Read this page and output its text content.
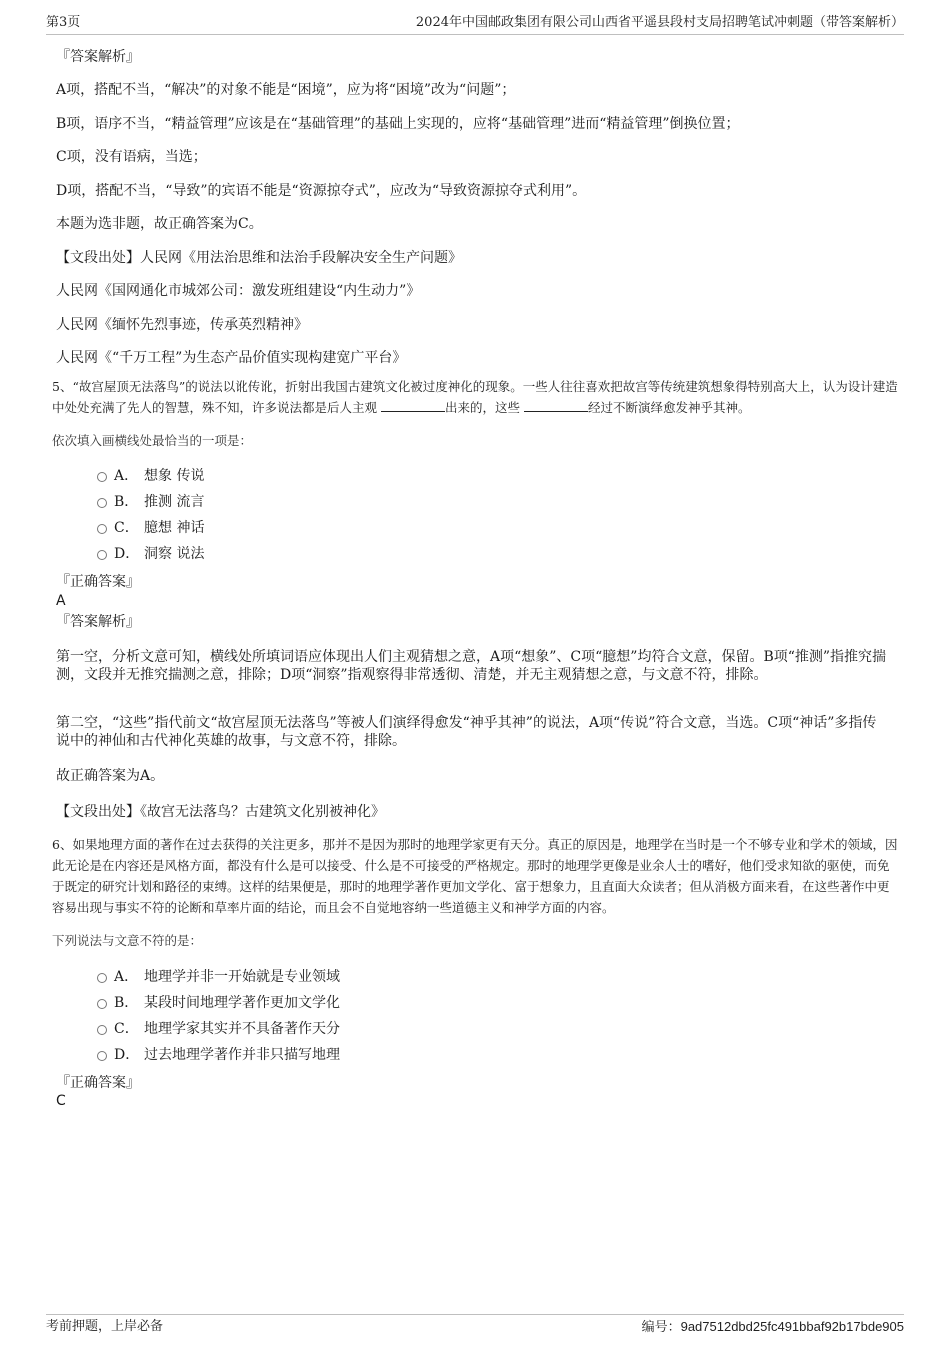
第3页	2024年中国邮政集团有限公司山西省平遥县段村支局招聘笔试冲刺题（带答案解析）

『答案解析』

A项，搭配不当，“解决”的对象不能是“困境”，应为将“困境”改为“问题”；

B项，语序不当，“精益管理”应该是在“基础管理”的基础上实现的，应将“基础管理”进而“精益管理”倒换位置；

C项，没有语病，当选；

D项，搭配不当，“导致”的宾语不能是“资源掠夺式”，应改为“导致资源掠夺式利用”。

本题为选非题，故正确答案为C。

【文段出处】人民网《用法治思维和法治手段解决安全生产问题》

人民网《国网通化市城郊公司：激发班组建设“内生动力”》

人民网《缅怀先烈事迹，传承英烈精神》

人民网《“千万工程”为生态产品价值实现构建宽广平台》

5、“故宫屋顶无法落鸟”的说法以讹传讹，折射出我国古建筑文化被过度神化的现象。一些人往往喜欢把故宫等传统建筑想象得特别高大上，认为设计建造中处处充满了先人的智慧，殊不知，许多说法都是后人主观	出来的，这些	经过不断演绎愈发神乎其神。

依次填入画横线处最恰当的一项是：

A． 想象 传说
B． 推测 流言
C． 臆想 神话
D． 洞察 说法

『正确答案』

A

『答案解析』

第一空，分析文意可知，横线处所填词语应体现出人们主观猜想之意，A项“想象”、C项“臆想”均符合文意，保留。B项“推测”指推究揣测，文段并无推究揣测之意，排除；D项“洞察”指观察得非常透彻、清楚，并无主观猜想之意，与文意不符，排除。

第二空，“这些”指代前文“故宫屋顶无法落鸟”等被人们演绎得愈发“神乎其神”的说法，A项“传说”符合文意，当选。C项“神话”多指传说中的神仙和古代神化英雄的故事，与文意不符，排除。

故正确答案为A。

【文段出处】《故宫无法落鸟？古建筑文化别被神化》

6、如果地理方面的著作在过去获得的关注更多，那并不是因为那时的地理学家更有天分。真正的原因是，地理学在当时是一个不够专业和学术的领域，因此无论是在内容还是风格方面，都没有什么是可以接受、什么是不可接受的严格规定。那时的地理学更像是业余人士的嗜好，他们受求知欲的驱使，而免于既定的研究计划和路径的束缚。这样的结果便是，那时的地理学著作更加文学化、富于想象力，且直面大众读者；但从消极方面来看，在这些著作中更容易出现与事实不符的论断和草率片面的结论，而且会不自觉地容纳一些道德主义和神学方面的内容。

下列说法与文意不符的是：

A． 地理学并非一开始就是专业领域
B． 某段时间地理学著作更加文学化
C． 地理学家其实并不具备著作天分
D． 过去地理学著作并非只描写地理

『正确答案』

C

考前押题，上岸必备	编号：9ad7512dbd25fc491bbaf92b17bde905
